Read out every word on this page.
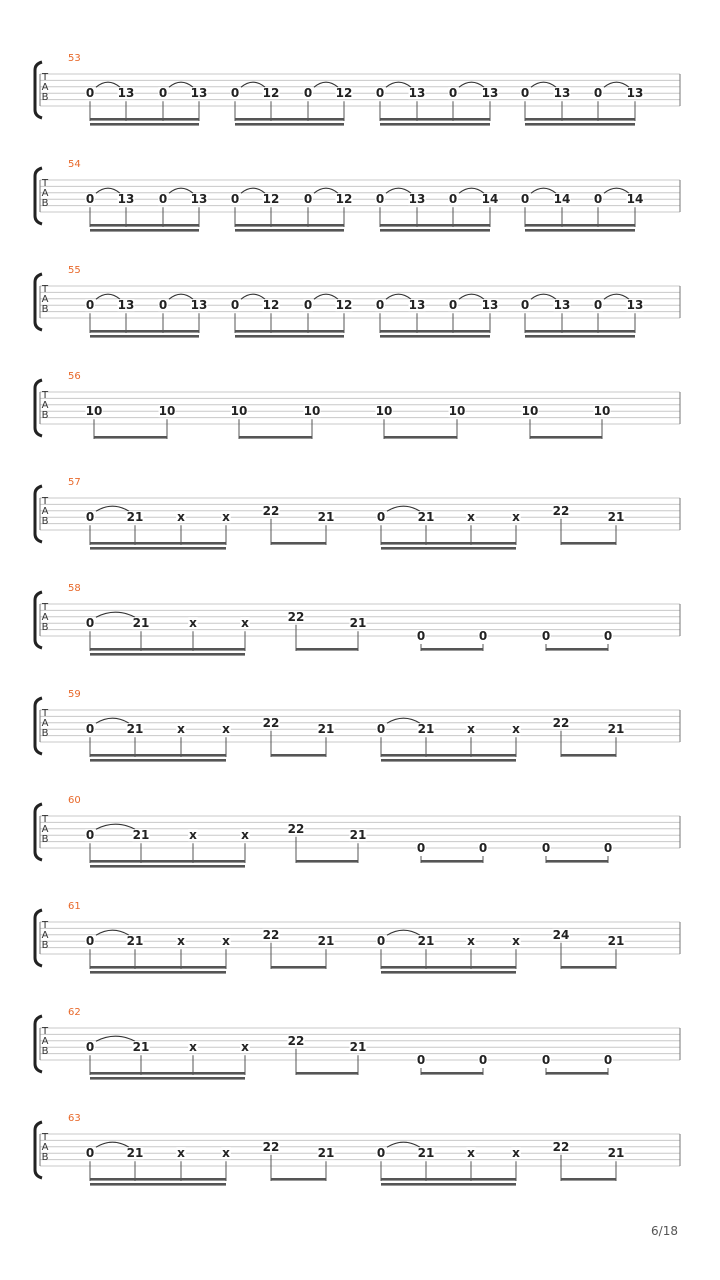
53
T
A
B	0 13 0 13 0 12 0 12 0 13 0 13 0 13 0 13
54
T
A
B	0 13 0 13 0 12 0 12 0 13 0 14 0 14 0 14
55
T
A
B	0 13 0 13 0 12 0 12 0 13 0 13 0 13 0 13
56
T
A
B	10	10	10	10	10	10	10	10
57
T
A
B	0	21	x	x	22	21	0	21	x	x	22	21
58
T
A
B	0	21	x	x	22	21
0	0	0	0
59
T
A
B	0	21	x	x	22	21	0	21	x	x	22	21
60
T
A
B	0	21	x	x	22	21
0	0	0	0
61
T
A
B	0	21	x	x	22	21	0	21	x	x	24	21
62
T
A
B	0	21	x	x	22	21
0	0	0	0
63
T
A
B	0	21	x	x	22	21	0	21	x	x	22	21
6/18
